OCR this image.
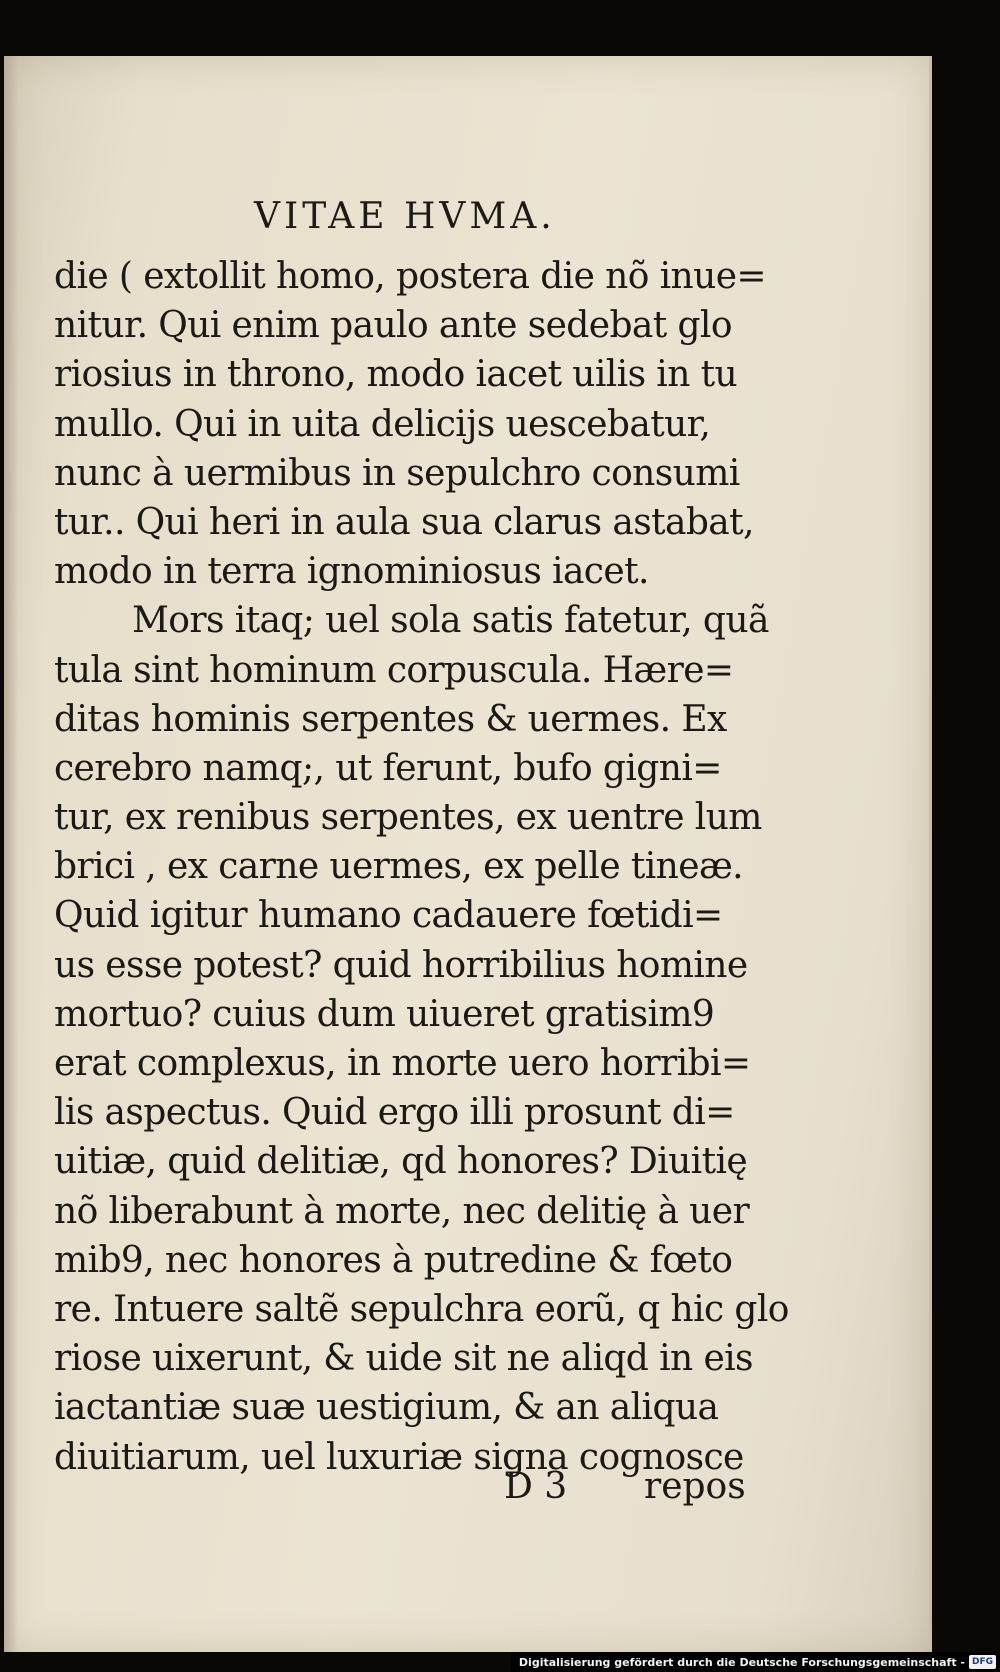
VITAE HVMA.
die ( extollit homo, postera die nõ inue=
nitur. Qui enim paulo ante sedebat glo
riosius in throno, modo iacet uilis in tu
mullo. Qui in uita delicijs uescebatur,
nunc à uermibus in sepulchro consumi
tur.. Qui heri in aula sua clarus astabat,
modo in terra ignominiosus iacet.
Mors itaq; uel sola satis fatetur, quã
tula sint hominum corpuscula. Hære=
ditas hominis serpentes & uermes. Ex
cerebro namq;, ut ferunt, bufo gigni=
tur, ex renibus serpentes, ex uentre lum
brici , ex carne uermes, ex pelle tineæ.
Quid igitur humano cadauere fœtidi=
us esse potest? quid horribilius homine
mortuo? cuius dum uiueret gratisim9
erat complexus, in morte uero horribi=
lis aspectus. Quid ergo illi prosunt di=
uitiæ, quid delitiæ, qd honores? Diuitię
nõ liberabunt à morte, nec delitię à uer
mib9, nec honores à putredine & fœto
re. Intuere saltẽ sepulchra eorũ, q hic glo
riose uixerunt, & uide sit ne aliqd in eis
iactantiæ suæ uestigium, & an aliqua
diuitiarum, uel luxuriæ signa cognosce
D 3 repos
Digitalisierung gefördert durch die Deutsche Forschungsgemeinschaft - DFG
